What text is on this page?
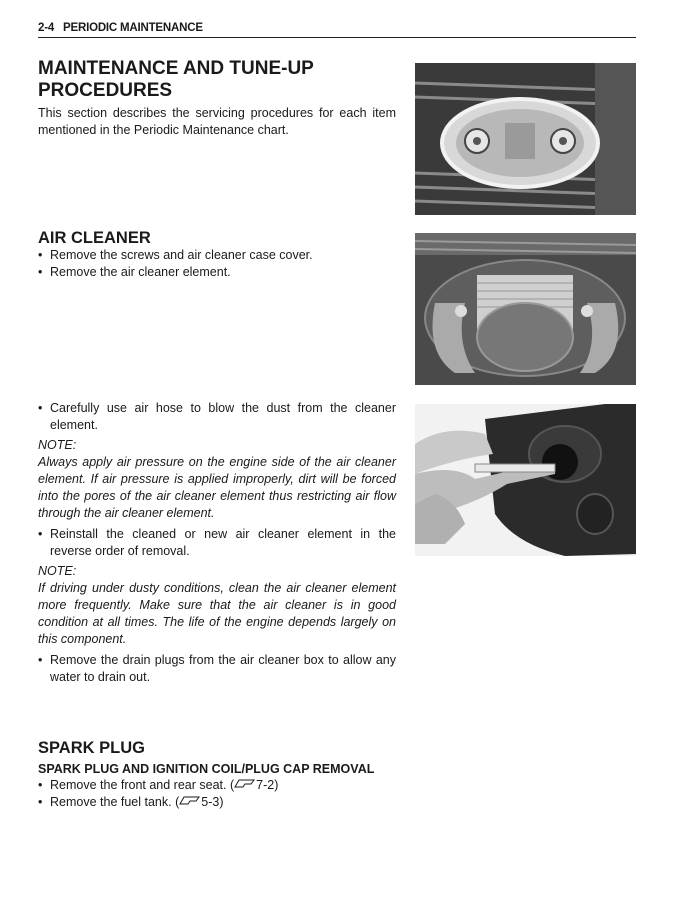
2-4 PERIODIC MAINTENANCE
MAINTENANCE AND TUNE-UP
PROCEDURES

This section describes the servicing procedures for each item mentioned in the Periodic Maintenance chart.

AIR CLEANER

• Remove the screws and air cleaner case cover.

• Remove the air cleaner element.

• Carefully use air hose to blow the dust from the cleaner element.

NOTE:

Always apply air pressure on the engine side of the air cleaner element. If air pressure is applied improperly, dirt will be forced into the pores of the air cleaner element thus restricting air flow through the air cleaner element.

• Reinstall the cleaned or new air cleaner element in the reverse order of removal.

NOTE:

If driving under dusty conditions, clean the air cleaner element more frequently. Make sure that the air cleaner is in good condition at all times. The life of the engine depends largely on this component.

• Remove the drain plugs from the air cleaner box to allow any water to drain out.

SPARK PLUG
SPARK PLUG AND IGNITION COIL/PLUG CAP REMOVAL

• Remove the front and rear seat. ( 7-2)

• Remove the fuel tank. ( 5-3)
